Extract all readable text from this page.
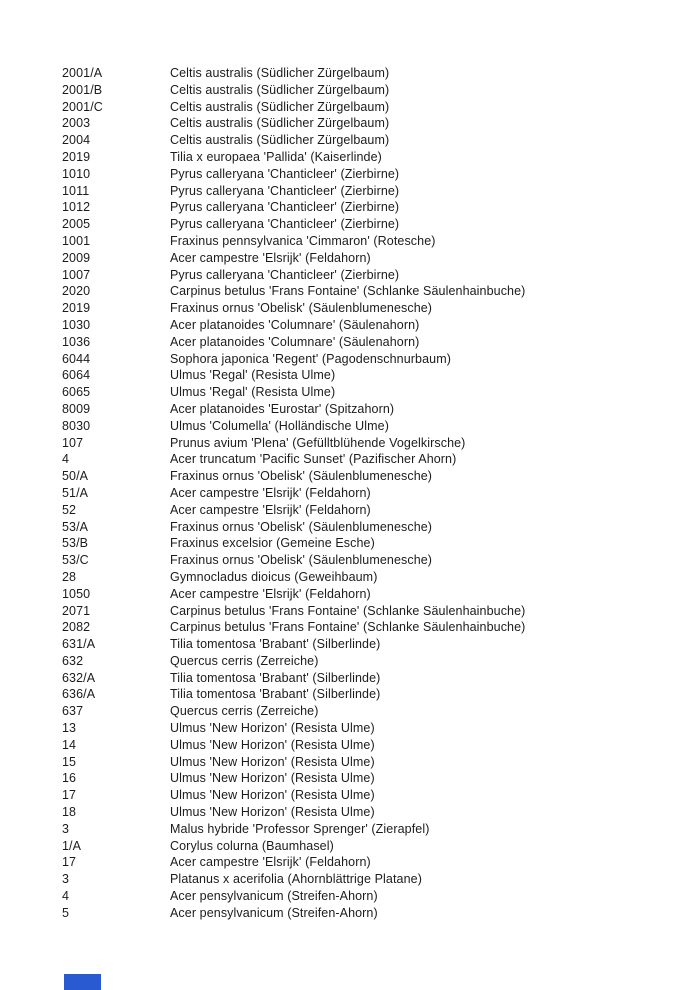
2001/A	Celtis australis (Südlicher Zürgelbaum)
2001/B	Celtis australis (Südlicher Zürgelbaum)
2001/C	Celtis australis (Südlicher Zürgelbaum)
2003	Celtis australis (Südlicher Zürgelbaum)
2004	Celtis australis (Südlicher Zürgelbaum)
2019	Tilia x europaea 'Pallida' (Kaiserlinde)
1010	Pyrus calleryana 'Chanticleer' (Zierbirne)
1011	Pyrus calleryana 'Chanticleer' (Zierbirne)
1012	Pyrus calleryana 'Chanticleer' (Zierbirne)
2005	Pyrus calleryana 'Chanticleer' (Zierbirne)
1001	Fraxinus pennsylvanica 'Cimmaron' (Rotesche)
2009	Acer campestre 'Elsrijk' (Feldahorn)
1007	Pyrus calleryana 'Chanticleer' (Zierbirne)
2020	Carpinus betulus 'Frans Fontaine' (Schlanke Säulenhainbuche)
2019	Fraxinus ornus 'Obelisk' (Säulenblumenesche)
1030	Acer platanoides 'Columnare' (Säulenahorn)
1036	Acer platanoides 'Columnare' (Säulenahorn)
6044	Sophora japonica 'Regent' (Pagodenschnurbaum)
6064	Ulmus 'Regal' (Resista Ulme)
6065	Ulmus 'Regal' (Resista Ulme)
8009	Acer platanoides 'Eurostar' (Spitzahorn)
8030	Ulmus 'Columella' (Holländische Ulme)
107	Prunus avium 'Plena' (Gefülltblühende Vogelkirsche)
4	Acer truncatum 'Pacific Sunset' (Pazifischer Ahorn)
50/A	Fraxinus ornus 'Obelisk' (Säulenblumenesche)
51/A	Acer campestre 'Elsrijk' (Feldahorn)
52	Acer campestre 'Elsrijk' (Feldahorn)
53/A	Fraxinus ornus 'Obelisk' (Säulenblumenesche)
53/B	Fraxinus excelsior (Gemeine Esche)
53/C	Fraxinus ornus 'Obelisk' (Säulenblumenesche)
28	Gymnocladus dioicus (Geweihbaum)
1050	Acer campestre 'Elsrijk' (Feldahorn)
2071	Carpinus betulus 'Frans Fontaine' (Schlanke Säulenhainbuche)
2082	Carpinus betulus 'Frans Fontaine' (Schlanke Säulenhainbuche)
631/A	Tilia tomentosa 'Brabant' (Silberlinde)
632	Quercus cerris (Zerreiche)
632/A	Tilia tomentosa 'Brabant' (Silberlinde)
636/A	Tilia tomentosa 'Brabant' (Silberlinde)
637	Quercus cerris (Zerreiche)
13	Ulmus 'New Horizon' (Resista Ulme)
14	Ulmus 'New Horizon' (Resista Ulme)
15	Ulmus 'New Horizon' (Resista Ulme)
16	Ulmus 'New Horizon' (Resista Ulme)
17	Ulmus 'New Horizon' (Resista Ulme)
18	Ulmus 'New Horizon' (Resista Ulme)
3	Malus hybride 'Professor Sprenger' (Zierapfel)
1/A	Corylus colurna (Baumhasel)
17	Acer campestre 'Elsrijk' (Feldahorn)
3	Platanus x acerifolia (Ahornblättrige Platane)
4	Acer pensylvanicum (Streifen-Ahorn)
5	Acer pensylvanicum (Streifen-Ahorn)
